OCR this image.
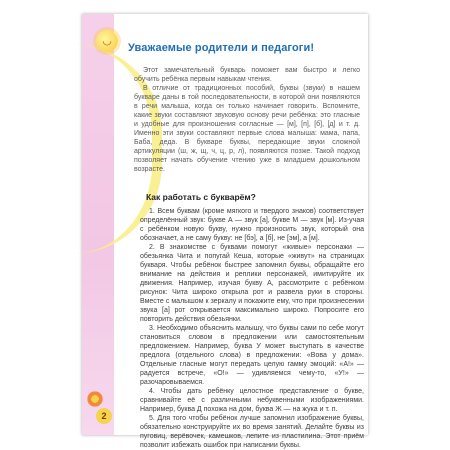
◡
2
Уважаемые родители и педагоги!

Этот замечательный букварь поможет вам быстро и легко обучить ребёнка первым навыкам чтения.

В отличие от традиционных пособий, буквы (звуки) в нашем букваре даны в той последовательности, в которой они появляются в речи малыша, когда он только начинает говорить. Вспомните, какие звуки составляют звуковую основу речи ребёнка: это гласные и удобные для произношения согласные — [м], [п], [б], [д] и т. д. Именно эти звуки составляют первые слова малыша: мама, папа, Баба, деда. В букваре буквы, передающие звуки сложной артикуляции (ш, ж, щ, ч, ц, р, л), появляются позже. Такой подход позволяет начать обучение чтению уже в младшем дошкольном возрасте.

Как работать с букварём?

1. Всем буквам (кроме мягкого и твердого знаков) соответствует определённый звук: букве А — звук [а], букве М — звук [м]. Из-учая с ребёнком новую букву, нужно произносить звук, который она обозначает, а не саму букву: не [бэ], а [б], не [эм], а [м].

2. В знакомстве с буквами помогут «живые» персонажи — обезьянка Чита и попугай Кеша, которые «живут» на страницах букваря. Чтобы ребёнок быстрее запомнил буквы, обращайте его внимание на действия и реплики персонажей, имитируйте их движения. Например, изучая букву А, рассмотрите с ребёнком рисунок: Чита широко открыла рот и развела руки в стороны. Вместе с малышом к зеркалу и покажите ему, что при произнесении звука [а] рот открывается максимально широко. Попросите его повторить действия обезьянки.

3. Необходимо объяснить малышу, что буквы сами по себе могут становиться словом в предложении или самостоятельным предложением. Например, буква У может выступать в качестве предлога (отдельного слова) в предложении: «Вова у дома». Отдельные гласные могут передать целую гамму эмоций: «А!» — радуется встрече, «О!» — удивляемся чему-то, «У!» — разочаровываемся.

4. Чтобы дать ребёнку целостное представление о букве, сравнивайте её с различными небуквенными изображениями. Например, буква Д похожа на дом, буква Ж — на жука и т. п.

5. Для того чтобы ребёнок лучше запомнил изображение буквы, обязательно конструируйте их во время занятий. Делайте буквы из пуговиц, верёвочек, камешков, лепите из пластилина. Этот приём позволит избежать ошибок при написании буквы.
